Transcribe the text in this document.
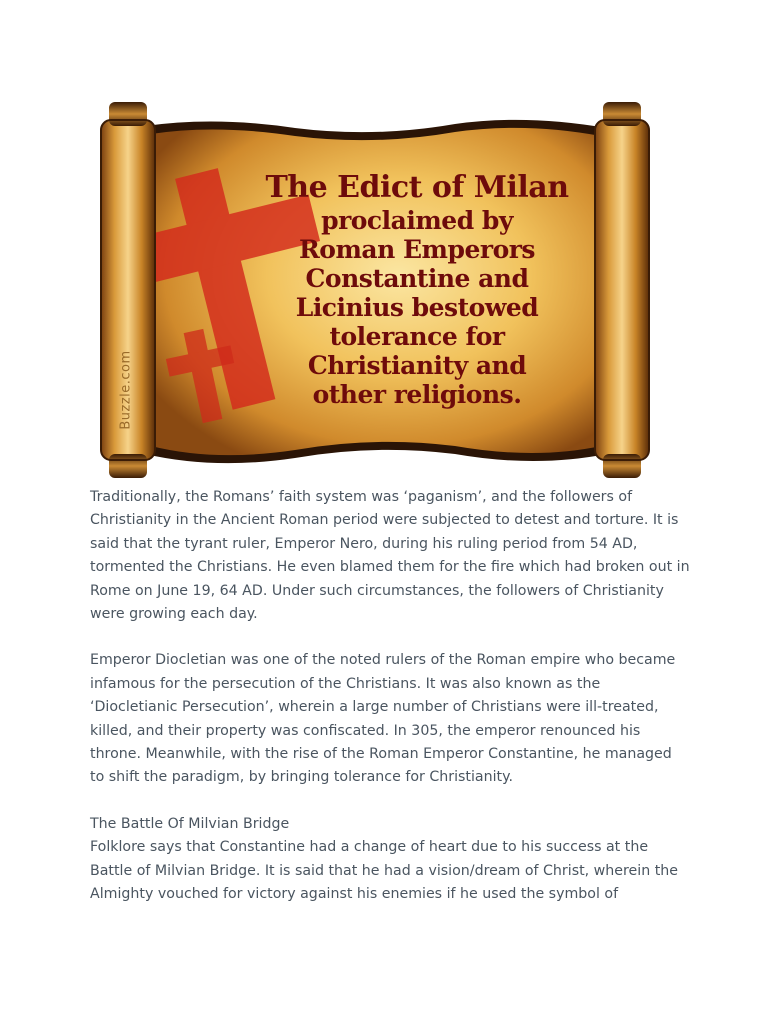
The Edict of Milan
proclaimed by
Roman Emperors
Constantine and
Licinius bestowed
tolerance for
Christianity and
other religions.
Buzzle.com

Traditionally, the Romans’ faith system was ‘paganism’, and the followers of Christianity in the Ancient Roman period were subjected to detest and torture. It is said that the tyrant ruler, Emperor Nero, during his ruling period from 54 AD, tormented the Christians. He even blamed them for the fire which had broken out in Rome on June 19, 64 AD. Under such circumstances, the followers of Christianity were growing each day.

Emperor Diocletian was one of the noted rulers of the Roman empire who became infamous for the persecution of the Christians. It was also known as the ‘Diocletianic Persecution’, wherein a large number of Christians were ill-treated, killed, and their property was confiscated. In 305, the emperor renounced his throne. Meanwhile, with the rise of the Roman Emperor Constantine, he managed to shift the paradigm, by bringing tolerance for Christianity.

The Battle Of Milvian Bridge

Folklore says that Constantine had a change of heart due to his success at the Battle of Milvian Bridge. It is said that he had a vision/dream of Christ, wherein the Almighty vouched for victory against his enemies if he used the symbol of
